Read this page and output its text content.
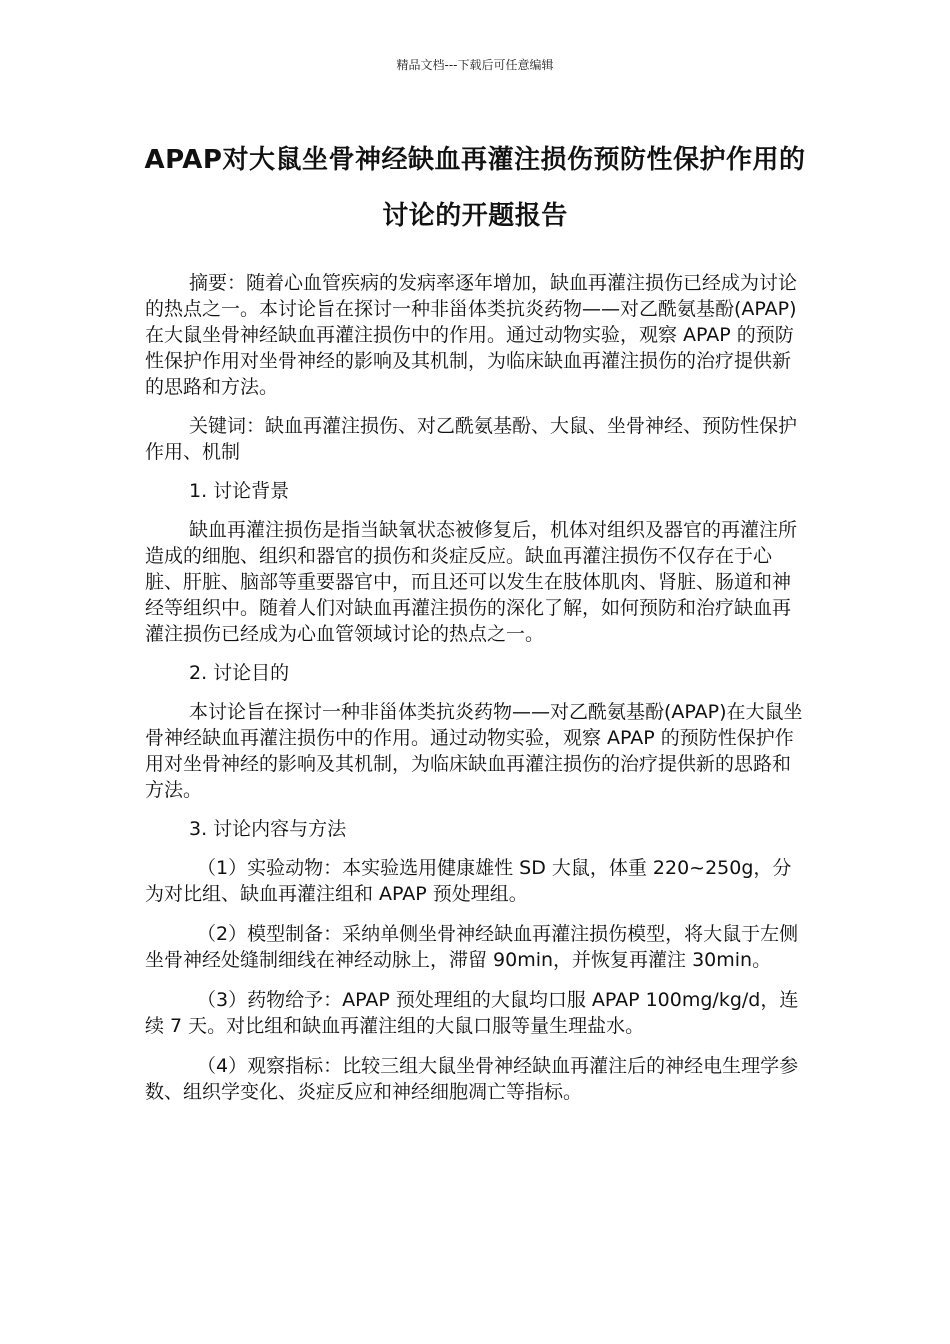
精品文档---下载后可任意编辑
APAP对大鼠坐骨神经缺血再灌注损伤预防性保护作用的讨论的开题报告

摘要：随着心血管疾病的发病率逐年增加，缺血再灌注损伤已经成为讨论的热点之一。本讨论旨在探讨一种非甾体类抗炎药物——对乙酰氨基酚(APAP)在大鼠坐骨神经缺血再灌注损伤中的作用。通过动物实验，观察 APAP 的预防性保护作用对坐骨神经的影响及其机制，为临床缺血再灌注损伤的治疗提供新的思路和方法。

关键词：缺血再灌注损伤、对乙酰氨基酚、大鼠、坐骨神经、预防性保护作用、机制

1. 讨论背景

缺血再灌注损伤是指当缺氧状态被修复后，机体对组织及器官的再灌注所造成的细胞、组织和器官的损伤和炎症反应。缺血再灌注损伤不仅存在于心脏、肝脏、脑部等重要器官中，而且还可以发生在肢体肌肉、肾脏、肠道和神经等组织中。随着人们对缺血再灌注损伤的深化了解，如何预防和治疗缺血再灌注损伤已经成为心血管领域讨论的热点之一。

2. 讨论目的

本讨论旨在探讨一种非甾体类抗炎药物——对乙酰氨基酚(APAP)在大鼠坐骨神经缺血再灌注损伤中的作用。通过动物实验，观察 APAP 的预防性保护作用对坐骨神经的影响及其机制，为临床缺血再灌注损伤的治疗提供新的思路和方法。

3. 讨论内容与方法

（1）实验动物：本实验选用健康雄性 SD 大鼠，体重 220~250g，分为对比组、缺血再灌注组和 APAP 预处理组。

（2）模型制备：采纳单侧坐骨神经缺血再灌注损伤模型，将大鼠于左侧坐骨神经处缝制细线在神经动脉上，滞留 90min，并恢复再灌注 30min。

（3）药物给予：APAP 预处理组的大鼠均口服 APAP 100mg/kg/d，连续 7 天。对比组和缺血再灌注组的大鼠口服等量生理盐水。

（4）观察指标：比较三组大鼠坐骨神经缺血再灌注后的神经电生理学参数、组织学变化、炎症反应和神经细胞凋亡等指标。
